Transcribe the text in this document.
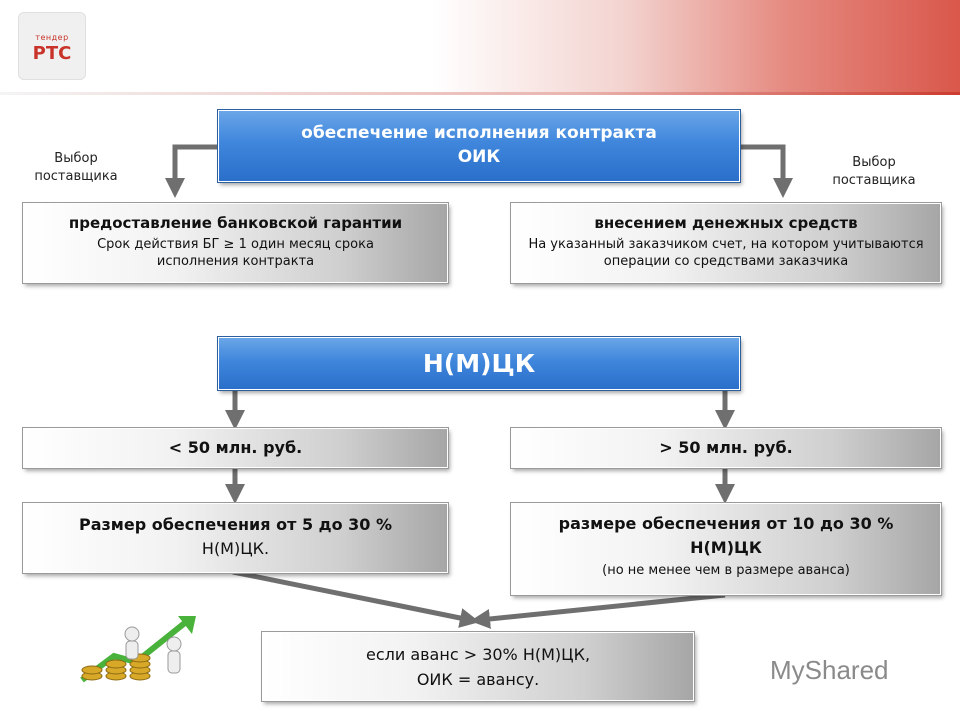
тендер
РТС
обеспечение исполнения контракта
ОИК
Выбор поставщика
Выбор поставщика
предоставление банковской гарантии
Срок действия БГ ≥ 1 один месяц срока исполнения контракта
внесением денежных средств
На указанный заказчиком счет, на котором учитываются операции со средствами заказчика
Н(М)ЦК
< 50 млн. руб.	> 50 млн. руб.
Размер обеспечения от 5 до 30 %
Н(М)ЦК.
размере обеспечения от 10 до 30 %
Н(М)ЦК
(но не менее чем в размере аванса)
если аванс > 30% Н(М)ЦК,
ОИК = авансу.	MyShared
